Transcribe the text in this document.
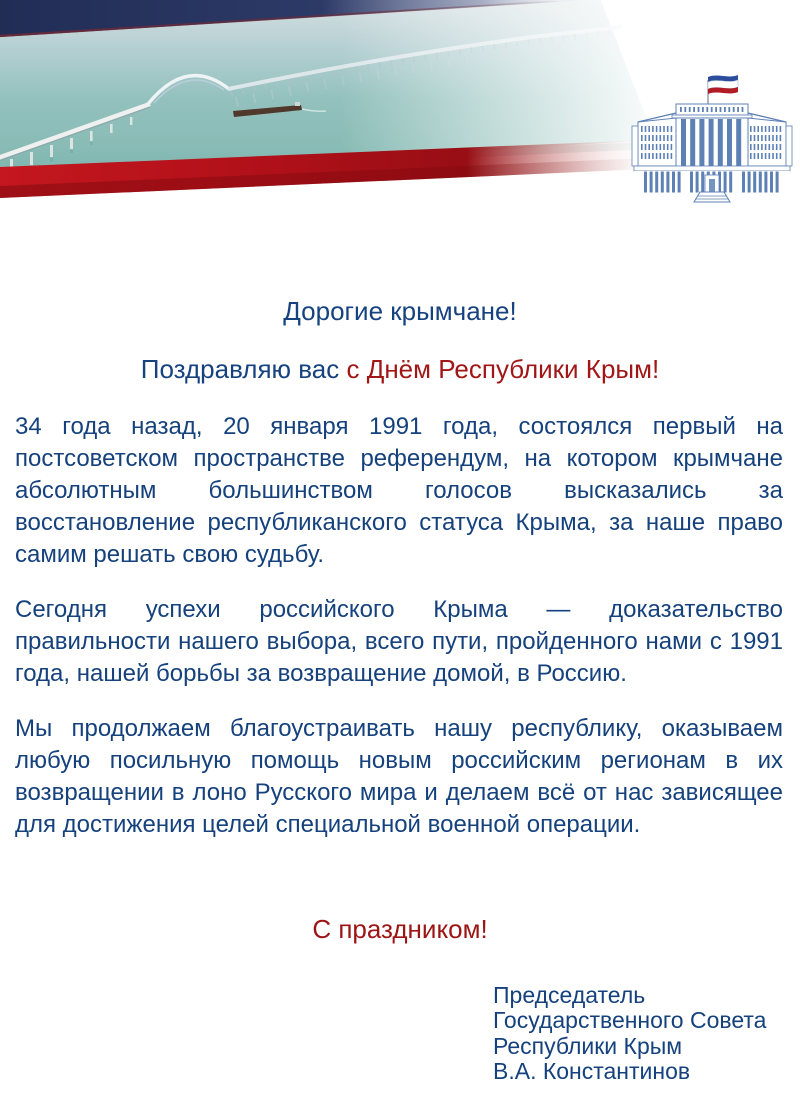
Дорогие крымчане!
Поздравляю вас с Днём Республики Крым!

34 года назад, 20 января 1991 года, состоялся первый на постсоветском пространстве референдум, на котором крымчане абсолютным большинством голосов высказались за восстановление республиканского статуса Крыма, за наше право самим решать свою судьбу.

Сегодня успехи российского Крыма — доказательство правильности нашего выбора, всего пути, пройденного нами с 1991 года, нашей борьбы за возвращение домой, в Россию.

Мы продолжаем благоустраивать нашу республику, оказываем любую посильную помощь новым российским регионам в их возвращении в лоно Русского мира и делаем всё от нас зависящее для достижения целей специальной военной операции.

С праздником!
Председатель
Государственного Совета
Республики Крым
В.А. Константинов
